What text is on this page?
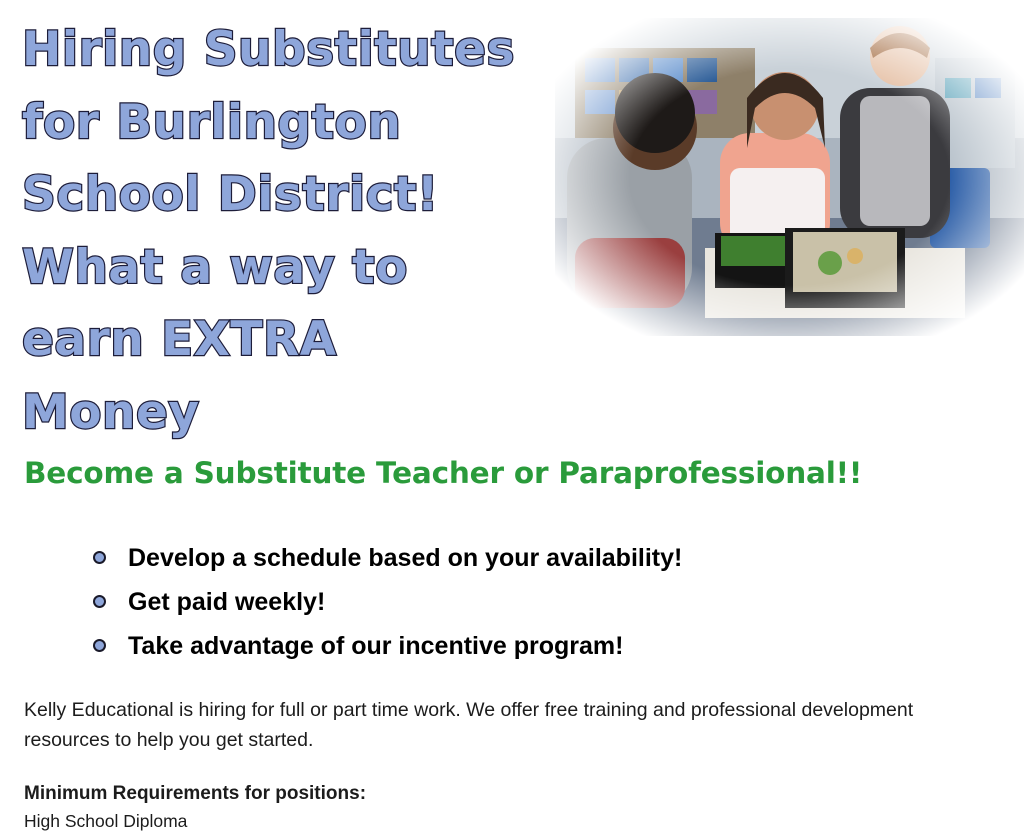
Hiring Substitutes
for Burlington
School District!
What a way to
earn EXTRA
Money
Become a Substitute Teacher or Paraprofessional!!
Develop a schedule based on your availability!
Get paid weekly!
Take advantage of our incentive program!

Kelly Educational is hiring for full or part time work. We offer free training and professional development resources to help you get started.

Minimum Requirements for positions:

High School Diploma
